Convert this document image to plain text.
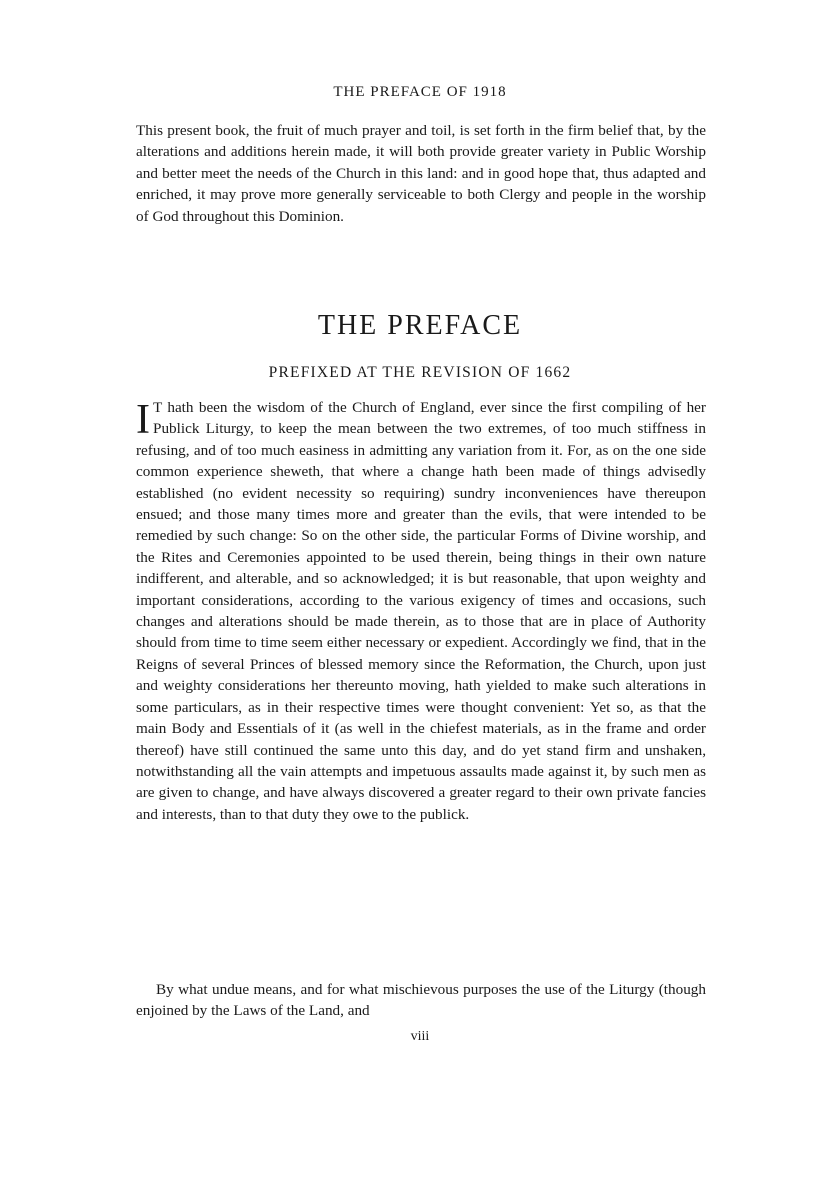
THE PREFACE OF 1918

This present book, the fruit of much prayer and toil, is set forth in the firm belief that, by the alterations and additions herein made, it will both provide greater variety in Public Worship and better meet the needs of the Church in this land: and in good hope that, thus adapted and enriched, it may prove more generally serviceable to both Clergy and people in the worship of God throughout this Dominion.

THE PREFACE
PREFIXED AT THE REVISION OF 1662

I T hath been the wisdom of the Church of England, ever since the first compiling of her Publick Liturgy, to keep the mean between the two extremes, of too much stiffness in refusing, and of too much easiness in admitting any variation from it. For, as on the one side common experience sheweth, that where a change hath been made of things advisedly established (no evident necessity so requiring) sundry inconveniences have thereupon ensued; and those many times more and greater than the evils, that were intended to be remedied by such change: So on the other side, the particular Forms of Divine worship, and the Rites and Ceremonies appointed to be used therein, being things in their own nature indifferent, and alterable, and so acknowledged; it is but reasonable, that upon weighty and important considerations, according to the various exigency of times and occasions, such changes and alterations should be made therein, as to those that are in place of Authority should from time to time seem either necessary or expedient. Accordingly we find, that in the Reigns of several Princes of blessed memory since the Reformation, the Church, upon just and weighty considerations her thereunto moving, hath yielded to make such alterations in some particulars, as in their respective times were thought convenient: Yet so, as that the main Body and Essentials of it (as well in the chiefest materials, as in the frame and order thereof) have still continued the same unto this day, and do yet stand firm and unshaken, notwithstanding all the vain attempts and impetuous assaults made against it, by such men as are given to change, and have always discovered a greater regard to their own private fancies and interests, than to that duty they owe to the publick.

By what undue means, and for what mischievous purposes the use of the Liturgy (though enjoined by the Laws of the Land, and

viii
